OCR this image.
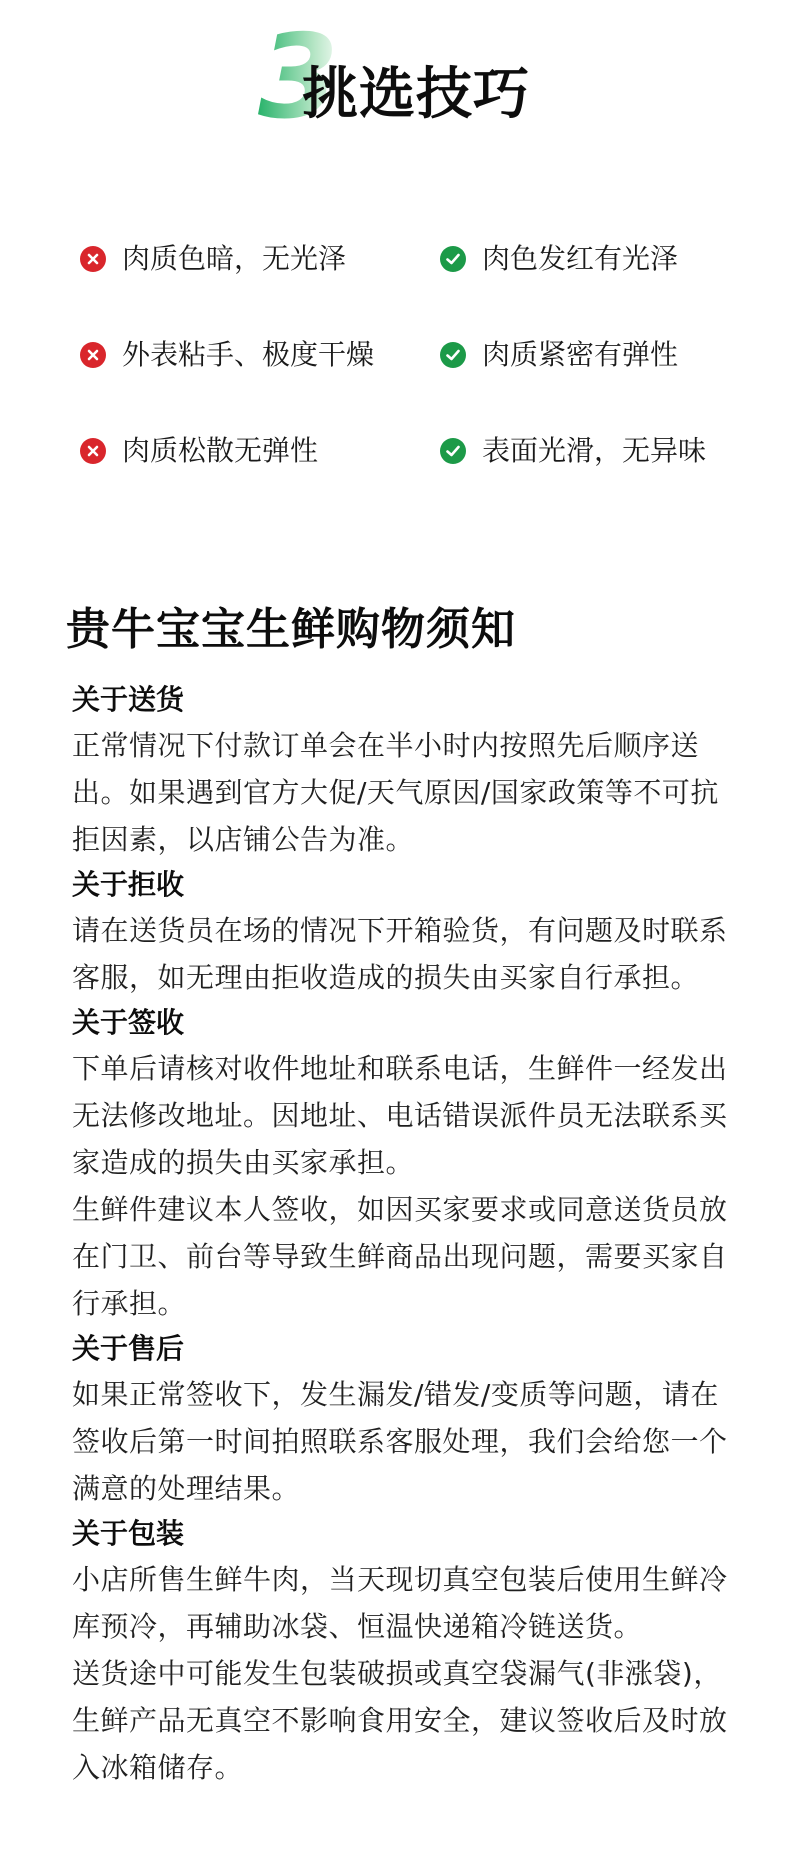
3
挑选技巧
肉质色暗，无光泽	肉色发红有光泽
外表粘手、极度干燥	肉质紧密有弹性
肉质松散无弹性	表面光滑，无异味
贵牛宝宝生鲜购物须知
关于送货

正常情况下付款订单会在半小时内按照先后顺序送出。如果遇到官方大促/天气原因/国家政策等不可抗拒因素，以店铺公告为准。

关于拒收

请在送货员在场的情况下开箱验货，有问题及时联系客服，如无理由拒收造成的损失由买家自行承担。

关于签收

下单后请核对收件地址和联系电话，生鲜件一经发出无法修改地址。因地址、电话错误派件员无法联系买家造成的损失由买家承担。

生鲜件建议本人签收，如因买家要求或同意送货员放在门卫、前台等导致生鲜商品出现问题，需要买家自行承担。

关于售后

如果正常签收下，发生漏发/错发/变质等问题，请在签收后第一时间拍照联系客服处理，我们会给您一个满意的处理结果。

关于包装

小店所售生鲜牛肉，当天现切真空包装后使用生鲜冷库预冷，再辅助冰袋、恒温快递箱冷链送货。

送货途中可能发生包装破损或真空袋漏气(非涨袋)，生鲜产品无真空不影响食用安全，建议签收后及时放入冰箱储存。
